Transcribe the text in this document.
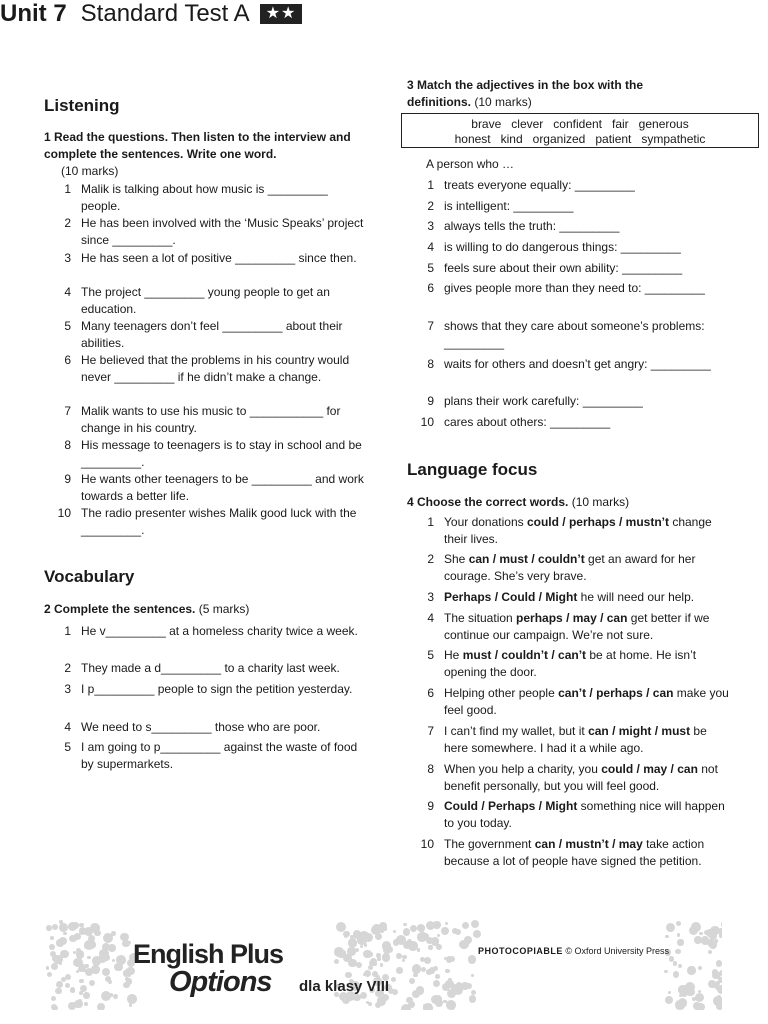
Unit 7 Standard Test A ★★
Listening
1 Read the questions. Then listen to the interview and complete the sentences. Write one word.
(10 marks)
1 Malik is talking about how music is _________ people.
2 He has been involved with the ‘Music Speaks’ project since _________.
3 He has seen a lot of positive _________ since then.
4 The project _________ young people to get an education.
5 Many teenagers don’t feel _________ about their abilities.
6 He believed that the problems in his country would never _________ if he didn’t make a change.
7 Malik wants to use his music to ___________ for change in his country.
8 His message to teenagers is to stay in school and be _________.
9 He wants other teenagers to be _________ and work towards a better life.
10 The radio presenter wishes Malik good luck with the _________.
Vocabulary
2 Complete the sentences. (5 marks)
1 He v_________ at a homeless charity twice a week.
2 They made a d_________ to a charity last week.
3 I p_________ people to sign the petition yesterday.
4 We need to s_________ those who are poor.
5 I am going to p_________ against the waste of food by supermarkets.
3 Match the adjectives in the box with the definitions. (10 marks)
brave   clever   confident   fair   generous
honest   kind   organized   patient   sympathetic
A person who …
1 treats everyone equally: _________
2 is intelligent: _________
3 always tells the truth: _________
4 is willing to do dangerous things: _________
5 feels sure about their own ability: _________
6 gives people more than they need to: _________
7 shows that they care about someone’s problems: _________
8 waits for others and doesn’t get angry: _________
9 plans their work carefully: _________
10 cares about others: _________
Language focus
4 Choose the correct words. (10 marks)
1 Your donations could / perhaps / mustn’t change their lives.
2 She can / must / couldn’t get an award for her courage. She’s very brave.
3 Perhaps / Could / Might he will need our help.
4 The situation perhaps / may / can get better if we continue our campaign. We’re not sure.
5 He must / couldn’t / can’t be at home. He isn’t opening the door.
6 Helping other people can’t / perhaps / can make you feel good.
7 I can’t find my wallet, but it can / might / must be here somewhere. I had it a while ago.
8 When you help a charity, you could / may / can not benefit personally, but you will feel good.
9 Could / Perhaps / Might something nice will happen to you today.
10 The government can / mustn’t / may take action because a lot of people have signed the petition.
English Plus
Options	dla klasy VIII
PHOTOCOPIABLE © Oxford University Press
